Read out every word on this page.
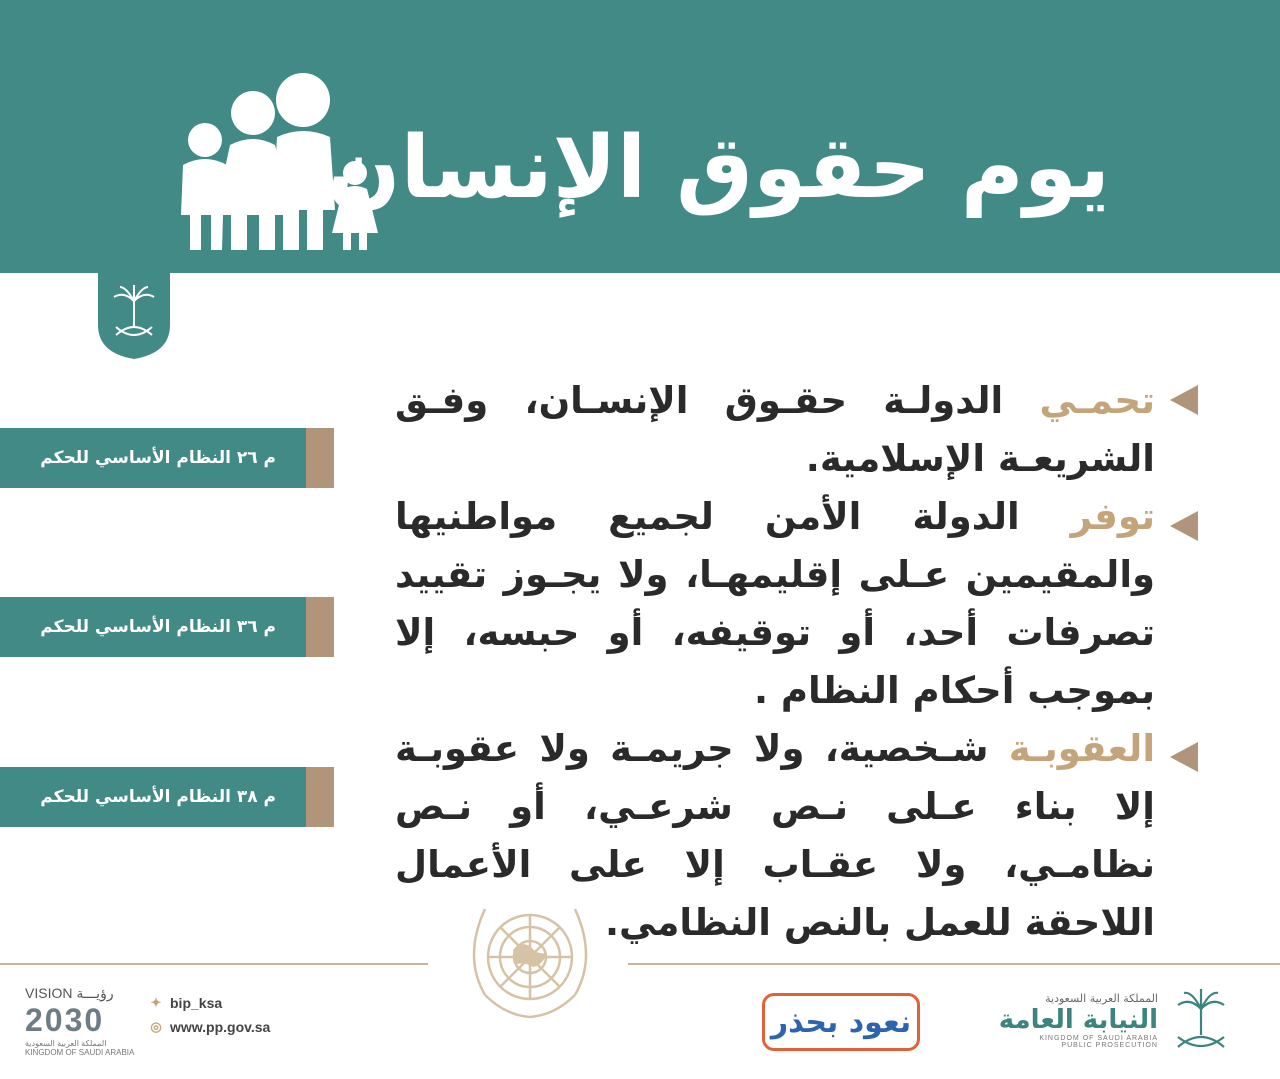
يوم حقوق الإنسان

تحمـي الدولـة حقـوق الإنسـان، وفـق الشريعـة الإسلامية.

توفر الدولة الأمن لجميع مواطنيها والمقيمين عـلى إقليمهـا، ولا يجـوز تقييد تصرفات أحد، أو توقيفه، أو حبسه، إلا بموجب أحكام النظام .

العقوبـة شـخصية، ولا جريمـة ولا عقوبـة إلا بناء عـلى نـص شرعـي، أو نـص نظامـي، ولا عقـاب إلا على الأعمال اللاحقة للعمل بالنص النظامي.

م ٢٦ النظام الأساسي للحكم
م ٣٦ النظام الأساسي للحكم
م ٣٨ النظام الأساسي للحكم
VISION رؤيـــة
2030
المملكة العربية السعودية
KINGDOM OF SAUDI ARABIA
✦ bip_ksa
◎ www.pp.gov.sa	نعود بحذر
المملكة العربية السعودية
النيابة العامة
KINGDOM OF SAUDI ARABIA
PUBLIC PROSECUTION
